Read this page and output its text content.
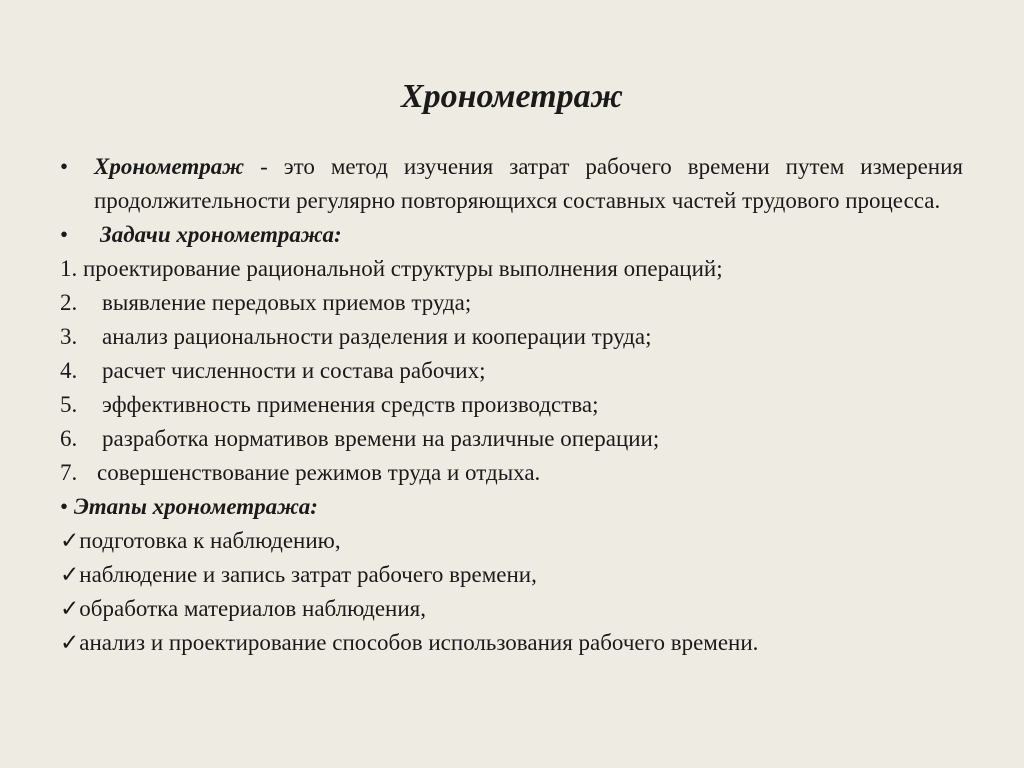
Хронометраж
• Хронометраж - это метод изучения затрат рабочего времени путем измерения продолжительности регулярно повторяющихся составных частей трудового процесса.
• Задачи хронометража:
1. проектирование рациональной структуры выполнения операций;
2. выявление передовых приемов труда;
3. анализ рациональности разделения и кооперации труда;
4. расчет численности и состава рабочих;
5. эффективность применения средств производства;
6. разработка нормативов времени на различные операции;
7. совершенствование режимов труда и отдыха.
• Этапы хронометража:
✓подготовка к наблюдению,
✓наблюдение и запись затрат рабочего времени,
✓обработка материалов наблюдения,
✓анализ и проектирование способов использования рабочего времени.
